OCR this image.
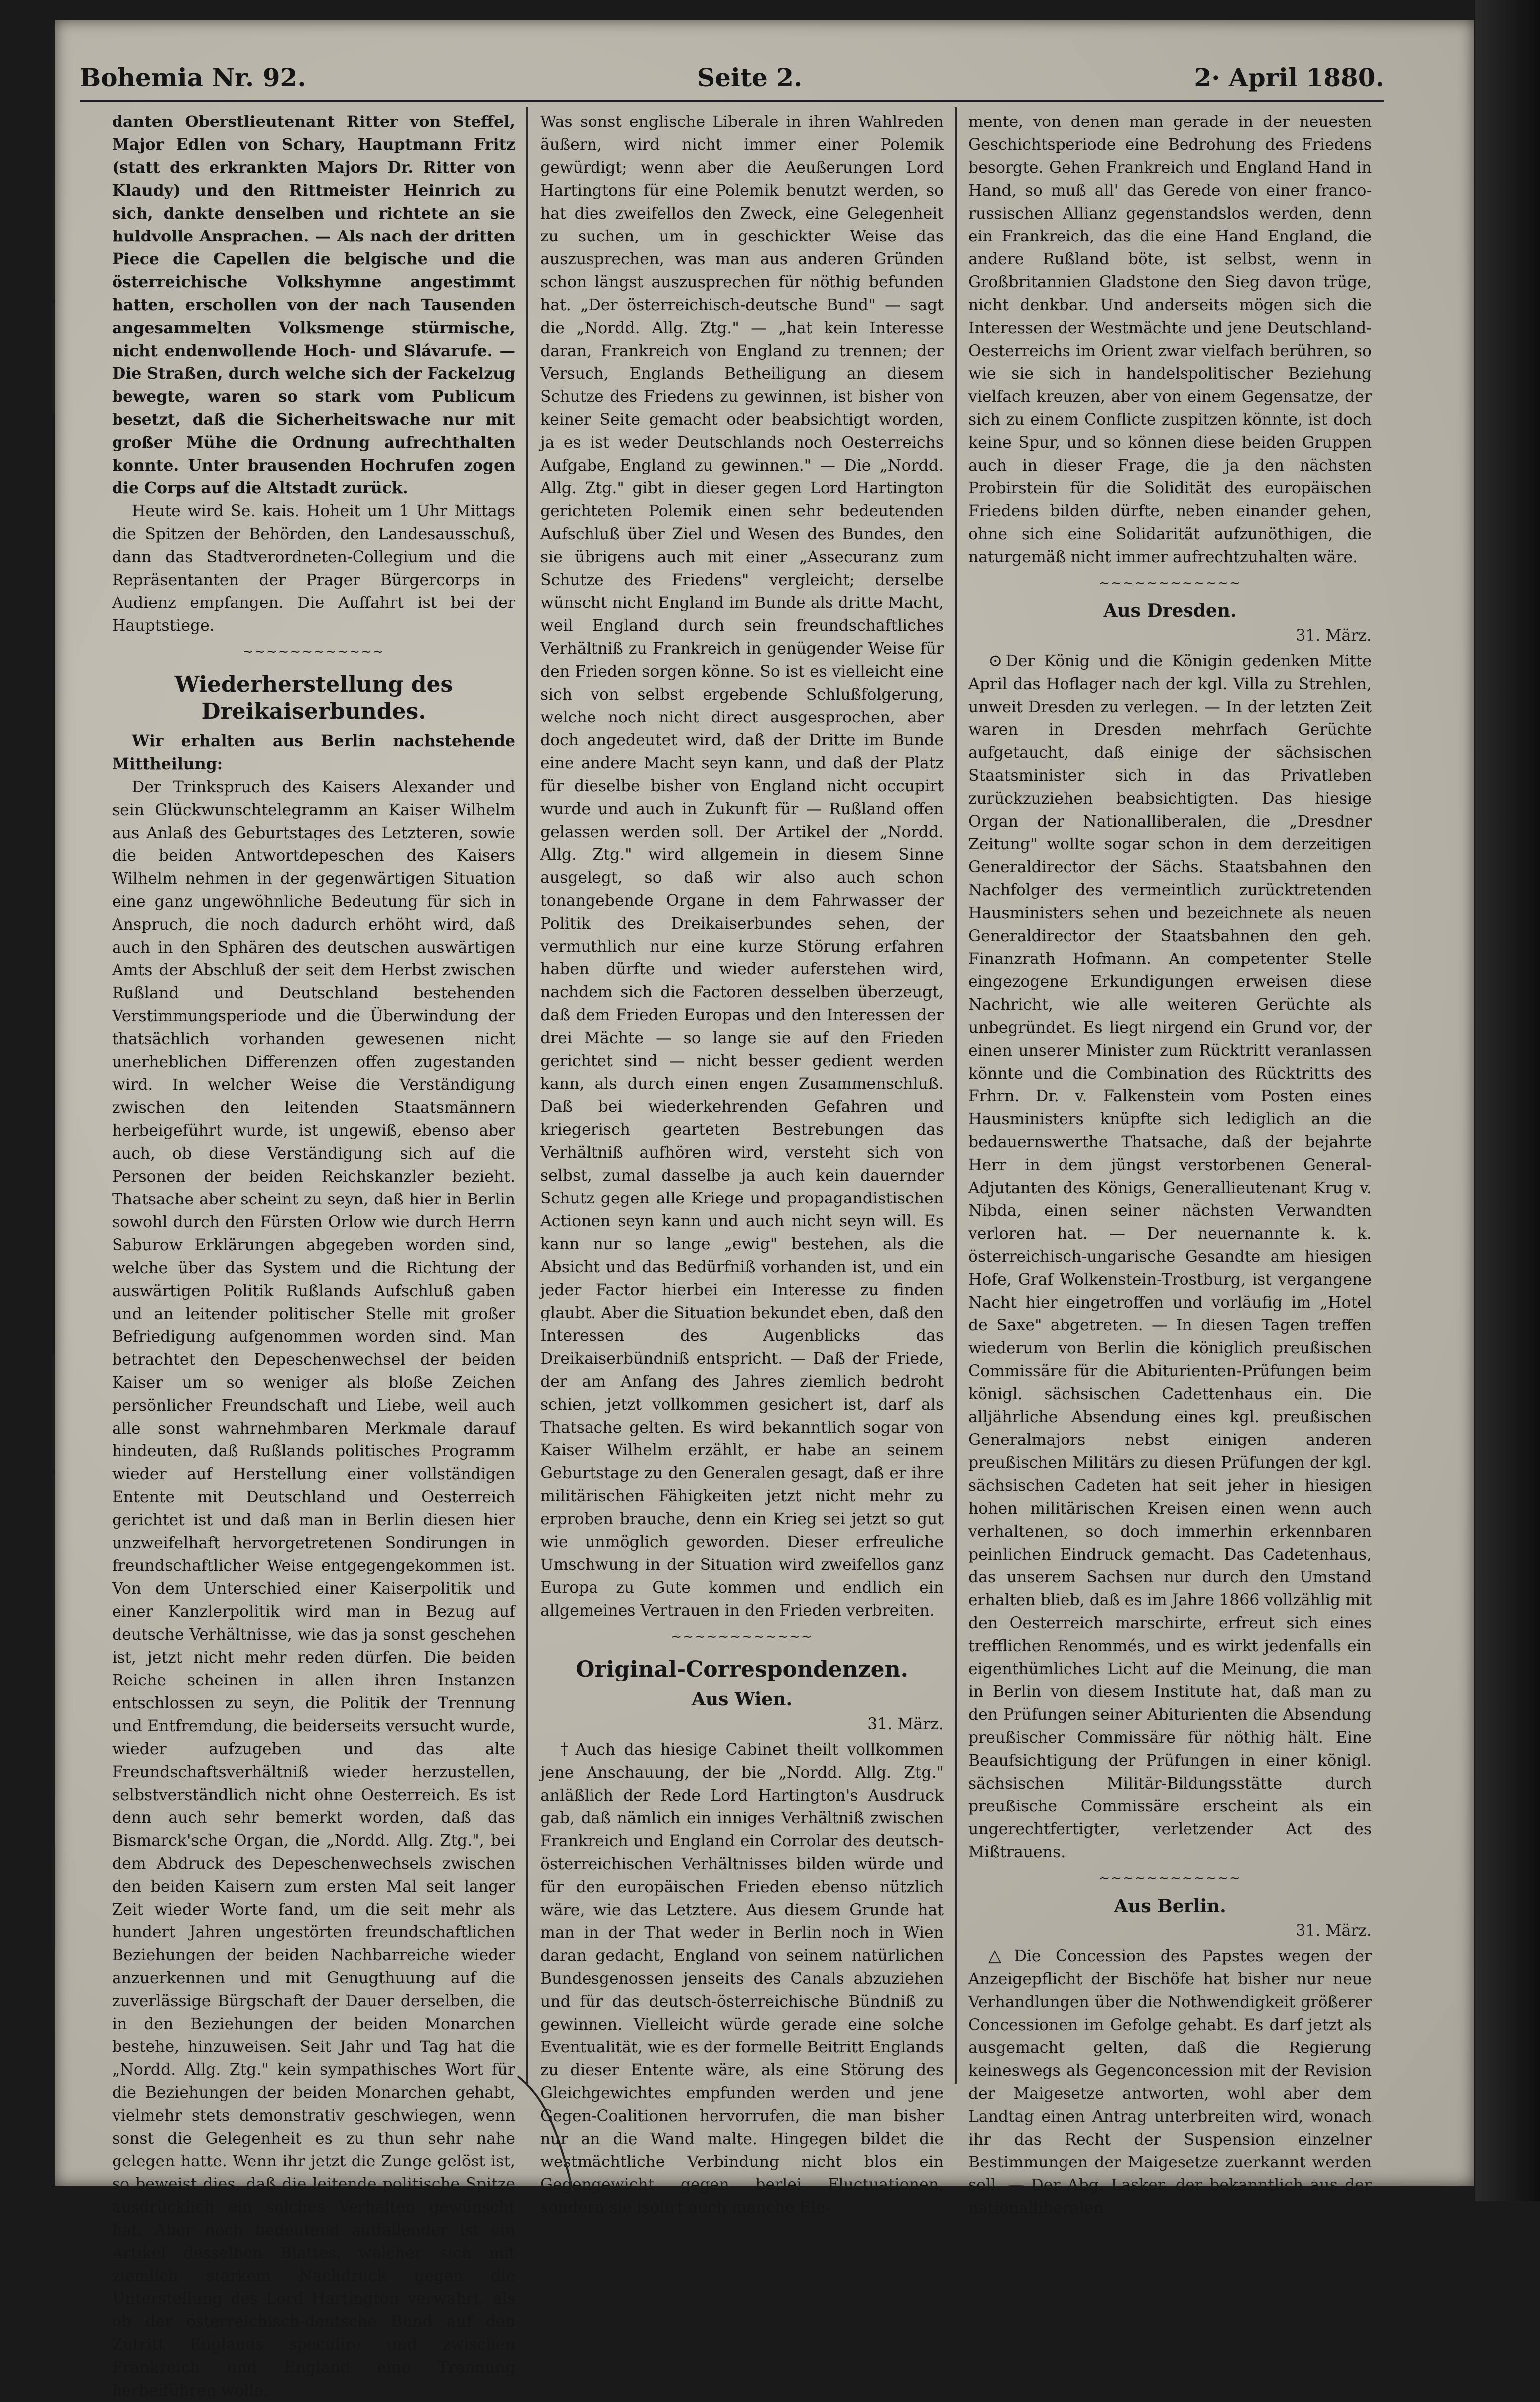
Bohemia Nr. 92.	Seite 2.	2· April 1880.

danten Oberstlieutenant Ritter von Steffel, Major Edlen von Schary, Hauptmann Fritz (statt des erkrankten Majors Dr. Ritter von Klaudy) und den Rittmeister Heinrich zu sich, dankte denselben und richtete an sie huldvolle Ansprachen. — Als nach der dritten Piece die Capellen die belgische und die österreichische Volkshymne angestimmt hatten, erschollen von der nach Tausenden angesammelten Volksmenge stürmische, nicht endenwollende Hoch- und Slávarufe. — Die Straßen, durch welche sich der Fackelzug bewegte, waren so stark vom Publicum besetzt, daß die Sicherheitswache nur mit großer Mühe die Ordnung aufrechthalten konnte. Unter brausenden Hochrufen zogen die Corps auf die Altstadt zurück.

Heute wird Se. kais. Hoheit um 1 Uhr Mittags die Spitzen der Behörden, den Landesausschuß, dann das Stadtverordneten-Collegium und die Repräsentanten der Prager Bürgercorps in Audienz empfangen. Die Auffahrt ist bei der Hauptstiege.

~~~~~~~~~~~~
Wiederherstellung des Dreikaiserbundes.

Wir erhalten aus Berlin nachstehende Mittheilung:

Der Trinkspruch des Kaisers Alexander und sein Glückwunschtelegramm an Kaiser Wilhelm aus Anlaß des Geburtstages des Letzteren, sowie die beiden Antwortdepeschen des Kaisers Wilhelm nehmen in der gegenwärtigen Situation eine ganz ungewöhnliche Bedeutung für sich in Anspruch, die noch dadurch erhöht wird, daß auch in den Sphären des deutschen auswärtigen Amts der Abschluß der seit dem Herbst zwischen Rußland und Deutschland bestehenden Verstimmungsperiode und die Überwindung der thatsächlich vorhanden gewesenen nicht unerheblichen Differenzen offen zugestanden wird. In welcher Weise die Verständigung zwischen den leitenden Staatsmännern herbeigeführt wurde, ist ungewiß, ebenso aber auch, ob diese Verständigung sich auf die Personen der beiden Reichskanzler bezieht. Thatsache aber scheint zu seyn, daß hier in Berlin sowohl durch den Fürsten Orlow wie durch Herrn Saburow Erklärungen abgegeben worden sind, welche über das System und die Richtung der auswärtigen Politik Rußlands Aufschluß gaben und an leitender politischer Stelle mit großer Befriedigung aufgenommen worden sind. Man betrachtet den Depeschenwechsel der beiden Kaiser um so weniger als bloße Zeichen persönlicher Freundschaft und Liebe, weil auch alle sonst wahrnehmbaren Merkmale darauf hindeuten, daß Rußlands politisches Programm wieder auf Herstellung einer vollständigen Entente mit Deutschland und Oesterreich gerichtet ist und daß man in Berlin diesen hier unzweifelhaft hervorgetretenen Sondirungen in freundschaftlicher Weise entgegengekommen ist. Von dem Unterschied einer Kaiserpolitik und einer Kanzlerpolitik wird man in Bezug auf deutsche Verhältnisse, wie das ja sonst geschehen ist, jetzt nicht mehr reden dürfen. Die beiden Reiche scheinen in allen ihren Instanzen entschlossen zu seyn, die Politik der Trennung und Entfremdung, die beiderseits versucht wurde, wieder aufzugeben und das alte Freundschaftsverhältniß wieder herzustellen, selbstverständlich nicht ohne Oesterreich. Es ist denn auch sehr bemerkt worden, daß das Bismarck'sche Organ, die „Nordd. Allg. Ztg.", bei dem Abdruck des Depeschenwechsels zwischen den beiden Kaisern zum ersten Mal seit langer Zeit wieder Worte fand, um die seit mehr als hundert Jahren ungestörten freundschaftlichen Beziehungen der beiden Nachbarreiche wieder anzuerkennen und mit Genugthuung auf die zuverlässige Bürgschaft der Dauer derselben, die in den Beziehungen der beiden Monarchen bestehe, hinzuweisen. Seit Jahr und Tag hat die „Nordd. Allg. Ztg." kein sympathisches Wort für die Beziehungen der beiden Monarchen gehabt, vielmehr stets demonstrativ geschwiegen, wenn sonst die Gelegenheit es zu thun sehr nahe gelegen hatte. Wenn ihr jetzt die Zunge gelöst ist, so beweist dies, daß die leitende politische Spitze ausdrücklich ein solches Verhalten gewünscht hat. Aber noch bedeutend auffallender ist ein Artikel desselben Blattes, welcher sich mit ziemlich starkem Nachdruck gegen die Unterstellung des Lord Hartington verwahrt, als ob der österreichisch-deutsche Bund auf den Zutritt Englands speculire und zwischen Frankreich und England eine Trennung herbeiführen wolle.

Was sonst englische Liberale in ihren Wahlreden äußern, wird nicht immer einer Polemik gewürdigt; wenn aber die Aeußerungen Lord Hartingtons für eine Polemik benutzt werden, so hat dies zweifellos den Zweck, eine Gelegenheit zu suchen, um in geschickter Weise das auszusprechen, was man aus anderen Gründen schon längst auszusprechen für nöthig befunden hat. „Der österreichisch-deutsche Bund" — sagt die „Nordd. Allg. Ztg." — „hat kein Interesse daran, Frankreich von England zu trennen; der Versuch, Englands Betheiligung an diesem Schutze des Friedens zu gewinnen, ist bisher von keiner Seite gemacht oder beabsichtigt worden, ja es ist weder Deutschlands noch Oesterreichs Aufgabe, England zu gewinnen." — Die „Nordd. Allg. Ztg." gibt in dieser gegen Lord Hartington gerichteten Polemik einen sehr bedeutenden Aufschluß über Ziel und Wesen des Bundes, den sie übrigens auch mit einer „Assecuranz zum Schutze des Friedens" vergleicht; derselbe wünscht nicht England im Bunde als dritte Macht, weil England durch sein freundschaftliches Verhältniß zu Frankreich in genügender Weise für den Frieden sorgen könne. So ist es vielleicht eine sich von selbst ergebende Schlußfolgerung, welche noch nicht direct ausgesprochen, aber doch angedeutet wird, daß der Dritte im Bunde eine andere Macht seyn kann, und daß der Platz für dieselbe bisher von England nicht occupirt wurde und auch in Zukunft für — Rußland offen gelassen werden soll. Der Artikel der „Nordd. Allg. Ztg." wird allgemein in diesem Sinne ausgelegt, so daß wir also auch schon tonangebende Organe in dem Fahrwasser der Politik des Dreikaiserbundes sehen, der vermuthlich nur eine kurze Störung erfahren haben dürfte und wieder auferstehen wird, nachdem sich die Factoren desselben überzeugt, daß dem Frieden Europas und den Interessen der drei Mächte — so lange sie auf den Frieden gerichtet sind — nicht besser gedient werden kann, als durch einen engen Zusammenschluß. Daß bei wiederkehrenden Gefahren und kriegerisch gearteten Bestrebungen das Verhältniß aufhören wird, versteht sich von selbst, zumal dasselbe ja auch kein dauernder Schutz gegen alle Kriege und propagandistischen Actionen seyn kann und auch nicht seyn will. Es kann nur so lange „ewig" bestehen, als die Absicht und das Bedürfniß vorhanden ist, und ein jeder Factor hierbei ein Interesse zu finden glaubt. Aber die Situation bekundet eben, daß den Interessen des Augenblicks das Dreikaiserbündniß entspricht. — Daß der Friede, der am Anfang des Jahres ziemlich bedroht schien, jetzt vollkommen gesichert ist, darf als Thatsache gelten. Es wird bekanntlich sogar von Kaiser Wilhelm erzählt, er habe an seinem Geburtstage zu den Generalen gesagt, daß er ihre militärischen Fähigkeiten jetzt nicht mehr zu erproben brauche, denn ein Krieg sei jetzt so gut wie unmöglich geworden. Dieser erfreuliche Umschwung in der Situation wird zweifellos ganz Europa zu Gute kommen und endlich ein allgemeines Vertrauen in den Frieden verbreiten.

~~~~~~~~~~~~
Original-Correspondenzen.
Aus Wien.
31. März.

† Auch das hiesige Cabinet theilt vollkommen jene Anschauung, der bie „Nordd. Allg. Ztg." anläßlich der Rede Lord Hartington's Ausdruck gab, daß nämlich ein inniges Verhältniß zwischen Frankreich und England ein Corrolar des deutsch-österreichischen Verhältnisses bilden würde und für den europäischen Frieden ebenso nützlich wäre, wie das Letztere. Aus diesem Grunde hat man in der That weder in Berlin noch in Wien daran gedacht, England von seinem natürlichen Bundesgenossen jenseits des Canals abzuziehen und für das deutsch-österreichische Bündniß zu gewinnen. Vielleicht würde gerade eine solche Eventualität, wie es der formelle Beitritt Englands zu dieser Entente wäre, als eine Störung des Gleichgewichtes empfunden werden und jene Gegen-Coalitionen hervorrufen, die man bisher nur an die Wand malte. Hingegen bildet die westmächtliche Verbindung nicht blos ein Gegengewicht gegen berlei Fluctuationen, sondern sie isolirt auch manche Ele-

mente, von denen man gerade in der neuesten Geschichtsperiode eine Bedrohung des Friedens besorgte. Gehen Frankreich und England Hand in Hand, so muß all' das Gerede von einer franco-russischen Allianz gegenstandslos werden, denn ein Frankreich, das die eine Hand England, die andere Rußland böte, ist selbst, wenn in Großbritannien Gladstone den Sieg davon trüge, nicht denkbar. Und anderseits mögen sich die Interessen der Westmächte und jene Deutschland-Oesterreichs im Orient zwar vielfach berühren, so wie sie sich in handelspolitischer Beziehung vielfach kreuzen, aber von einem Gegensatze, der sich zu einem Conflicte zuspitzen könnte, ist doch keine Spur, und so können diese beiden Gruppen auch in dieser Frage, die ja den nächsten Probirstein für die Solidität des europäischen Friedens bilden dürfte, neben einander gehen, ohne sich eine Solidarität aufzunöthigen, die naturgemäß nicht immer aufrechtzuhalten wäre.

~~~~~~~~~~~~
Aus Dresden.
31. März.

⊙ Der König und die Königin gedenken Mitte April das Hoflager nach der kgl. Villa zu Strehlen, unweit Dresden zu verlegen. — In der letzten Zeit waren in Dresden mehrfach Gerüchte aufgetaucht, daß einige der sächsischen Staatsminister sich in das Privatleben zurückzuziehen beabsichtigten. Das hiesige Organ der Nationalliberalen, die „Dresdner Zeitung" wollte sogar schon in dem derzeitigen Generaldirector der Sächs. Staatsbahnen den Nachfolger des vermeintlich zurücktretenden Hausministers sehen und bezeichnete als neuen Generaldirector der Staatsbahnen den geh. Finanzrath Hofmann. An competenter Stelle eingezogene Erkundigungen erweisen diese Nachricht, wie alle weiteren Gerüchte als unbegründet. Es liegt nirgend ein Grund vor, der einen unserer Minister zum Rücktritt veranlassen könnte und die Combination des Rücktritts des Frhrn. Dr. v. Falkenstein vom Posten eines Hausministers knüpfte sich lediglich an die bedauernswerthe Thatsache, daß der bejahrte Herr in dem jüngst verstorbenen General-Adjutanten des Königs, Generallieutenant Krug v. Nibda, einen seiner nächsten Verwandten verloren hat. — Der neuernannte k. k. österreichisch-ungarische Gesandte am hiesigen Hofe, Graf Wolkenstein-Trostburg, ist vergangene Nacht hier eingetroffen und vorläufig im „Hotel de Saxe" abgetreten. — In diesen Tagen treffen wiederum von Berlin die königlich preußischen Commissäre für die Abiturienten-Prüfungen beim königl. sächsischen Cadettenhaus ein. Die alljährliche Absendung eines kgl. preußischen Generalmajors nebst einigen anderen preußischen Militärs zu diesen Prüfungen der kgl. sächsischen Cadeten hat seit jeher in hiesigen hohen militärischen Kreisen einen wenn auch verhaltenen, so doch immerhin erkennbaren peinlichen Eindruck gemacht. Das Cadetenhaus, das unserem Sachsen nur durch den Umstand erhalten blieb, daß es im Jahre 1866 vollzählig mit den Oesterreich marschirte, erfreut sich eines trefflichen Renommés, und es wirkt jedenfalls ein eigenthümliches Licht auf die Meinung, die man in Berlin von diesem Institute hat, daß man zu den Prüfungen seiner Abiturienten die Absendung preußischer Commissäre für nöthig hält. Eine Beaufsichtigung der Prüfungen in einer königl. sächsischen Militär-Bildungsstätte durch preußische Commissäre erscheint als ein ungerechtfertigter, verletzender Act des Mißtrauens.

~~~~~~~~~~~~
Aus Berlin.
31. März.

△ Die Concession des Papstes wegen der Anzeigepflicht der Bischöfe hat bisher nur neue Verhandlungen über die Nothwendigkeit größerer Concessionen im Gefolge gehabt. Es darf jetzt als ausgemacht gelten, daß die Regierung keineswegs als Gegenconcession mit der Revision der Maigesetze antworten, wohl aber dem Landtag einen Antrag unterbreiten wird, wonach ihr das Recht der Suspension einzelner Bestimmungen der Maigesetze zuerkannt werden soll. — Der Abg. Lasker, der bekanntlich aus der nationalliberalen
